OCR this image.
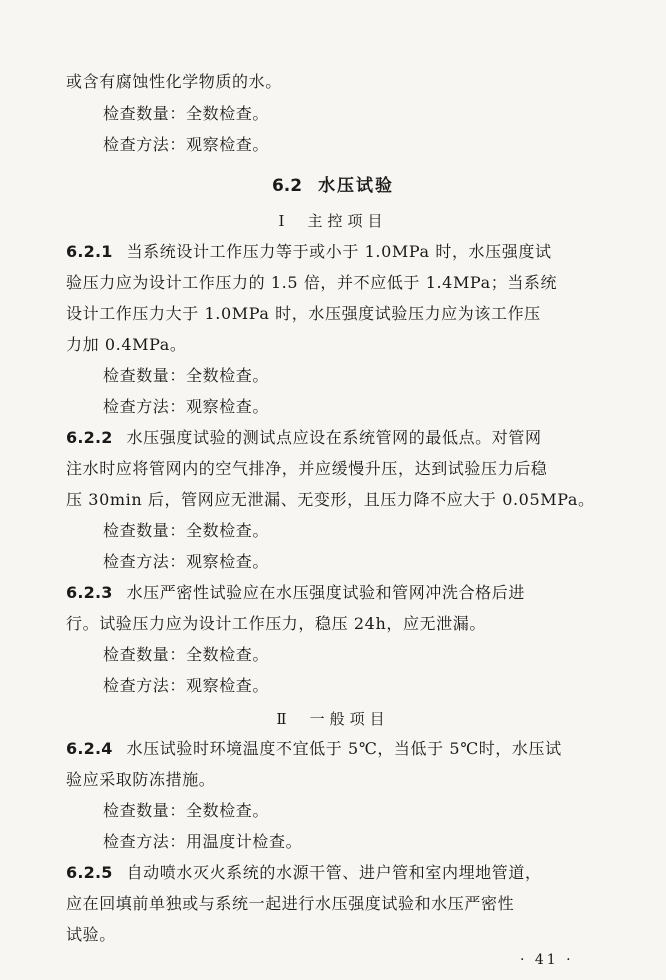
或含有腐蚀性化学物质的水。
检查数量：全数检查。
检查方法：观察检查。
6.2 水压试验
Ⅰ 主控项目
6.2.1 当系统设计工作压力等于或小于 1.0MPa 时，水压强度试
验压力应为设计工作压力的 1.5 倍，并不应低于 1.4MPa；当系统
设计工作压力大于 1.0MPa 时，水压强度试验压力应为该工作压
力加 0.4MPa。
检查数量：全数检查。
检查方法：观察检查。
6.2.2 水压强度试验的测试点应设在系统管网的最低点。对管网
注水时应将管网内的空气排净，并应缓慢升压，达到试验压力后稳
压 30min 后，管网应无泄漏、无变形，且压力降不应大于 0.05MPa。
检查数量：全数检查。
检查方法：观察检查。
6.2.3 水压严密性试验应在水压强度试验和管网冲洗合格后进
行。试验压力应为设计工作压力，稳压 24h，应无泄漏。
检查数量：全数检查。
检查方法：观察检查。
Ⅱ 一般项目
6.2.4 水压试验时环境温度不宜低于 5℃，当低于 5℃时，水压试
验应采取防冻措施。
检查数量：全数检查。
检查方法：用温度计检查。
6.2.5 自动喷水灭火系统的水源干管、进户管和室内埋地管道，
应在回填前单独或与系统一起进行水压强度试验和水压严密性
试验。
· 41 ·
